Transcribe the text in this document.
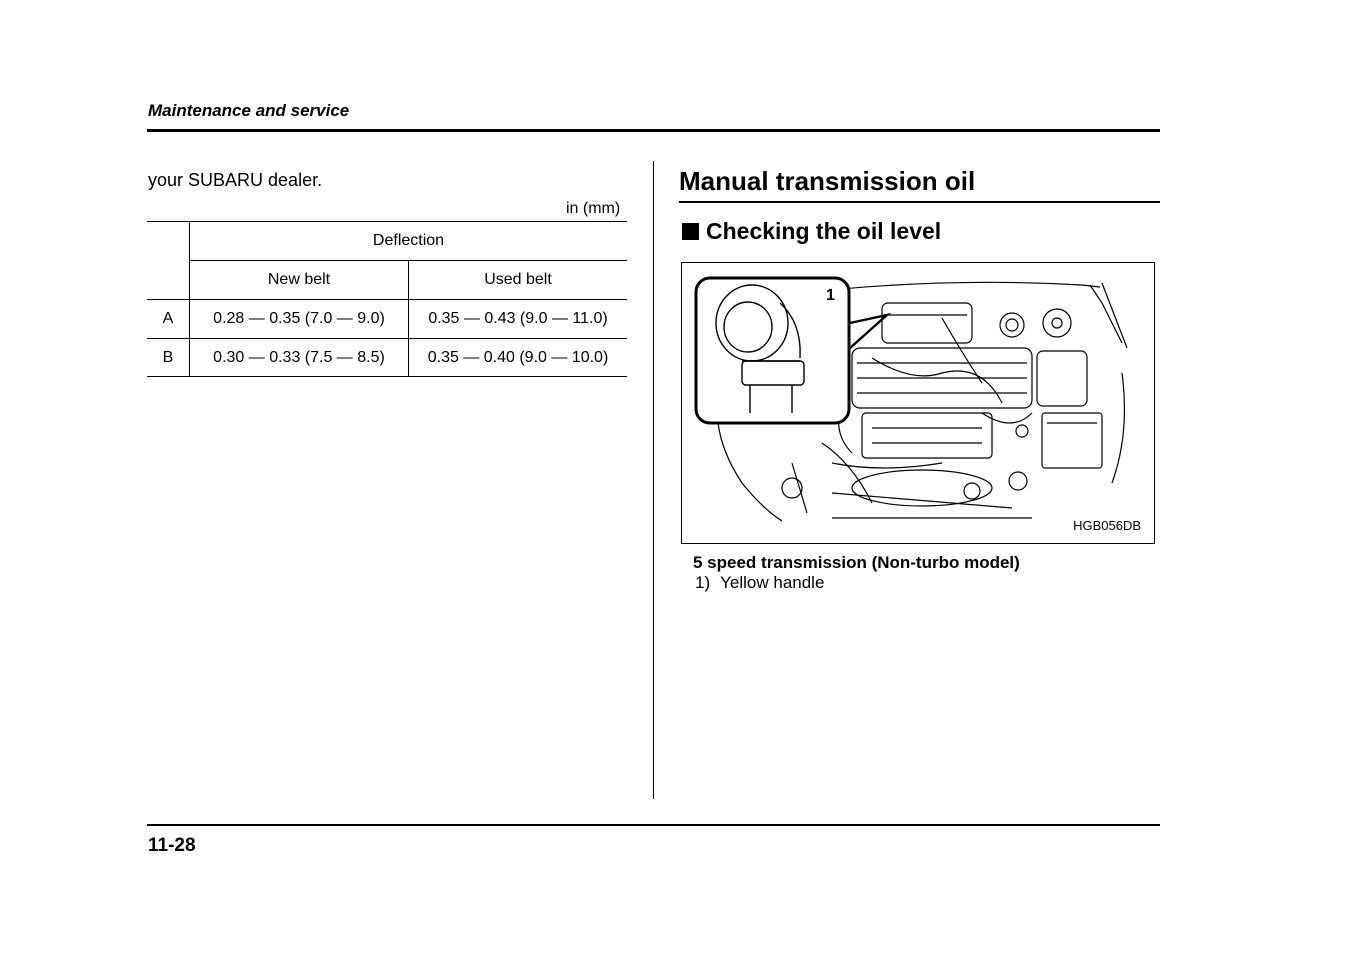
Maintenance and service
your SUBARU dealer.
in (mm)
	Deflection	
	New belt	Used belt
A	0.28 — 0.35 (7.0 — 9.0)	0.35 — 0.43 (9.0 — 11.0)
B	0.30 — 0.33 (7.5 — 8.5)	0.35 — 0.40 (9.0 — 10.0)
Manual transmission oil
Checking the oil level
HGB056DB
1
5 speed transmission (Non-turbo model)
1) Yellow handle
11-28
